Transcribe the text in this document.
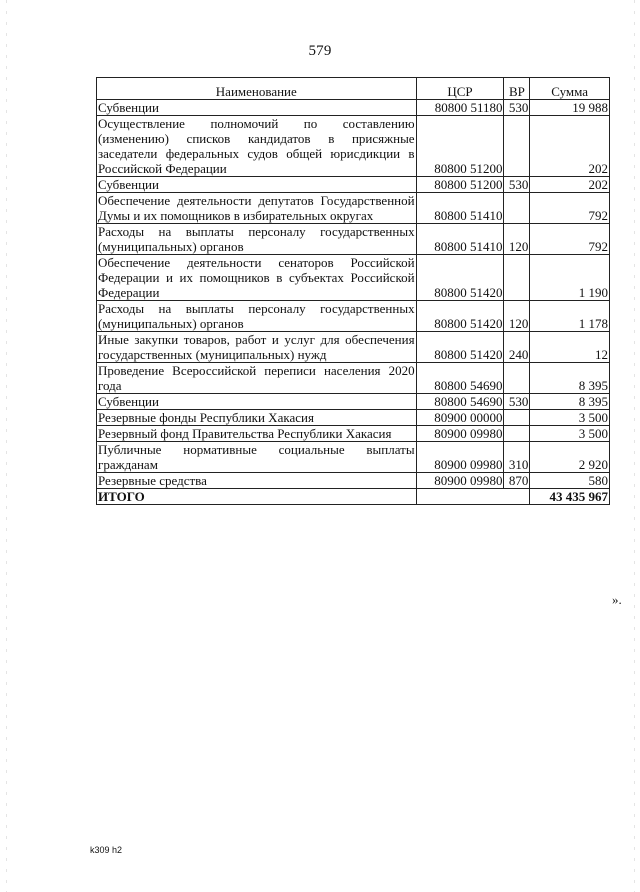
579
Наименование	ЦСР	ВР	Сумма
Субвенции	80800 51180	530	19 988
Осуществление полномочий по составлению (изменению) списков кандидатов в присяжные заседатели федеральных судов общей юрисдикции в Российской Федерации	80800 51200		202
Субвенции	80800 51200	530	202
Обеспечение деятельности депутатов Государственной Думы и их помощников в избирательных округах	80800 51410		792
Расходы на выплаты персоналу государственных (муниципальных) органов	80800 51410	120	792
Обеспечение деятельности сенаторов Российской Федерации и их помощников в субъектах Российской Федерации	80800 51420		1 190
Расходы на выплаты персоналу государственных (муниципальных) органов	80800 51420	120	1 178
Иные закупки товаров, работ и услуг для обеспечения государственных (муниципальных) нужд	80800 51420	240	12
Проведение Всероссийской переписи населения 2020 года	80800 54690		8 395
Субвенции	80800 54690	530	8 395
Резервные фонды Республики Хакасия	80900 00000		3 500
Резервный фонд Правительства Республики Хакасия	80900 09980		3 500
Публичные нормативные социальные выплаты гражданам	80900 09980	310	2 920
Резервные средства	80900 09980	870	580
ИТОГО			43 435 967
».
k309 h2
